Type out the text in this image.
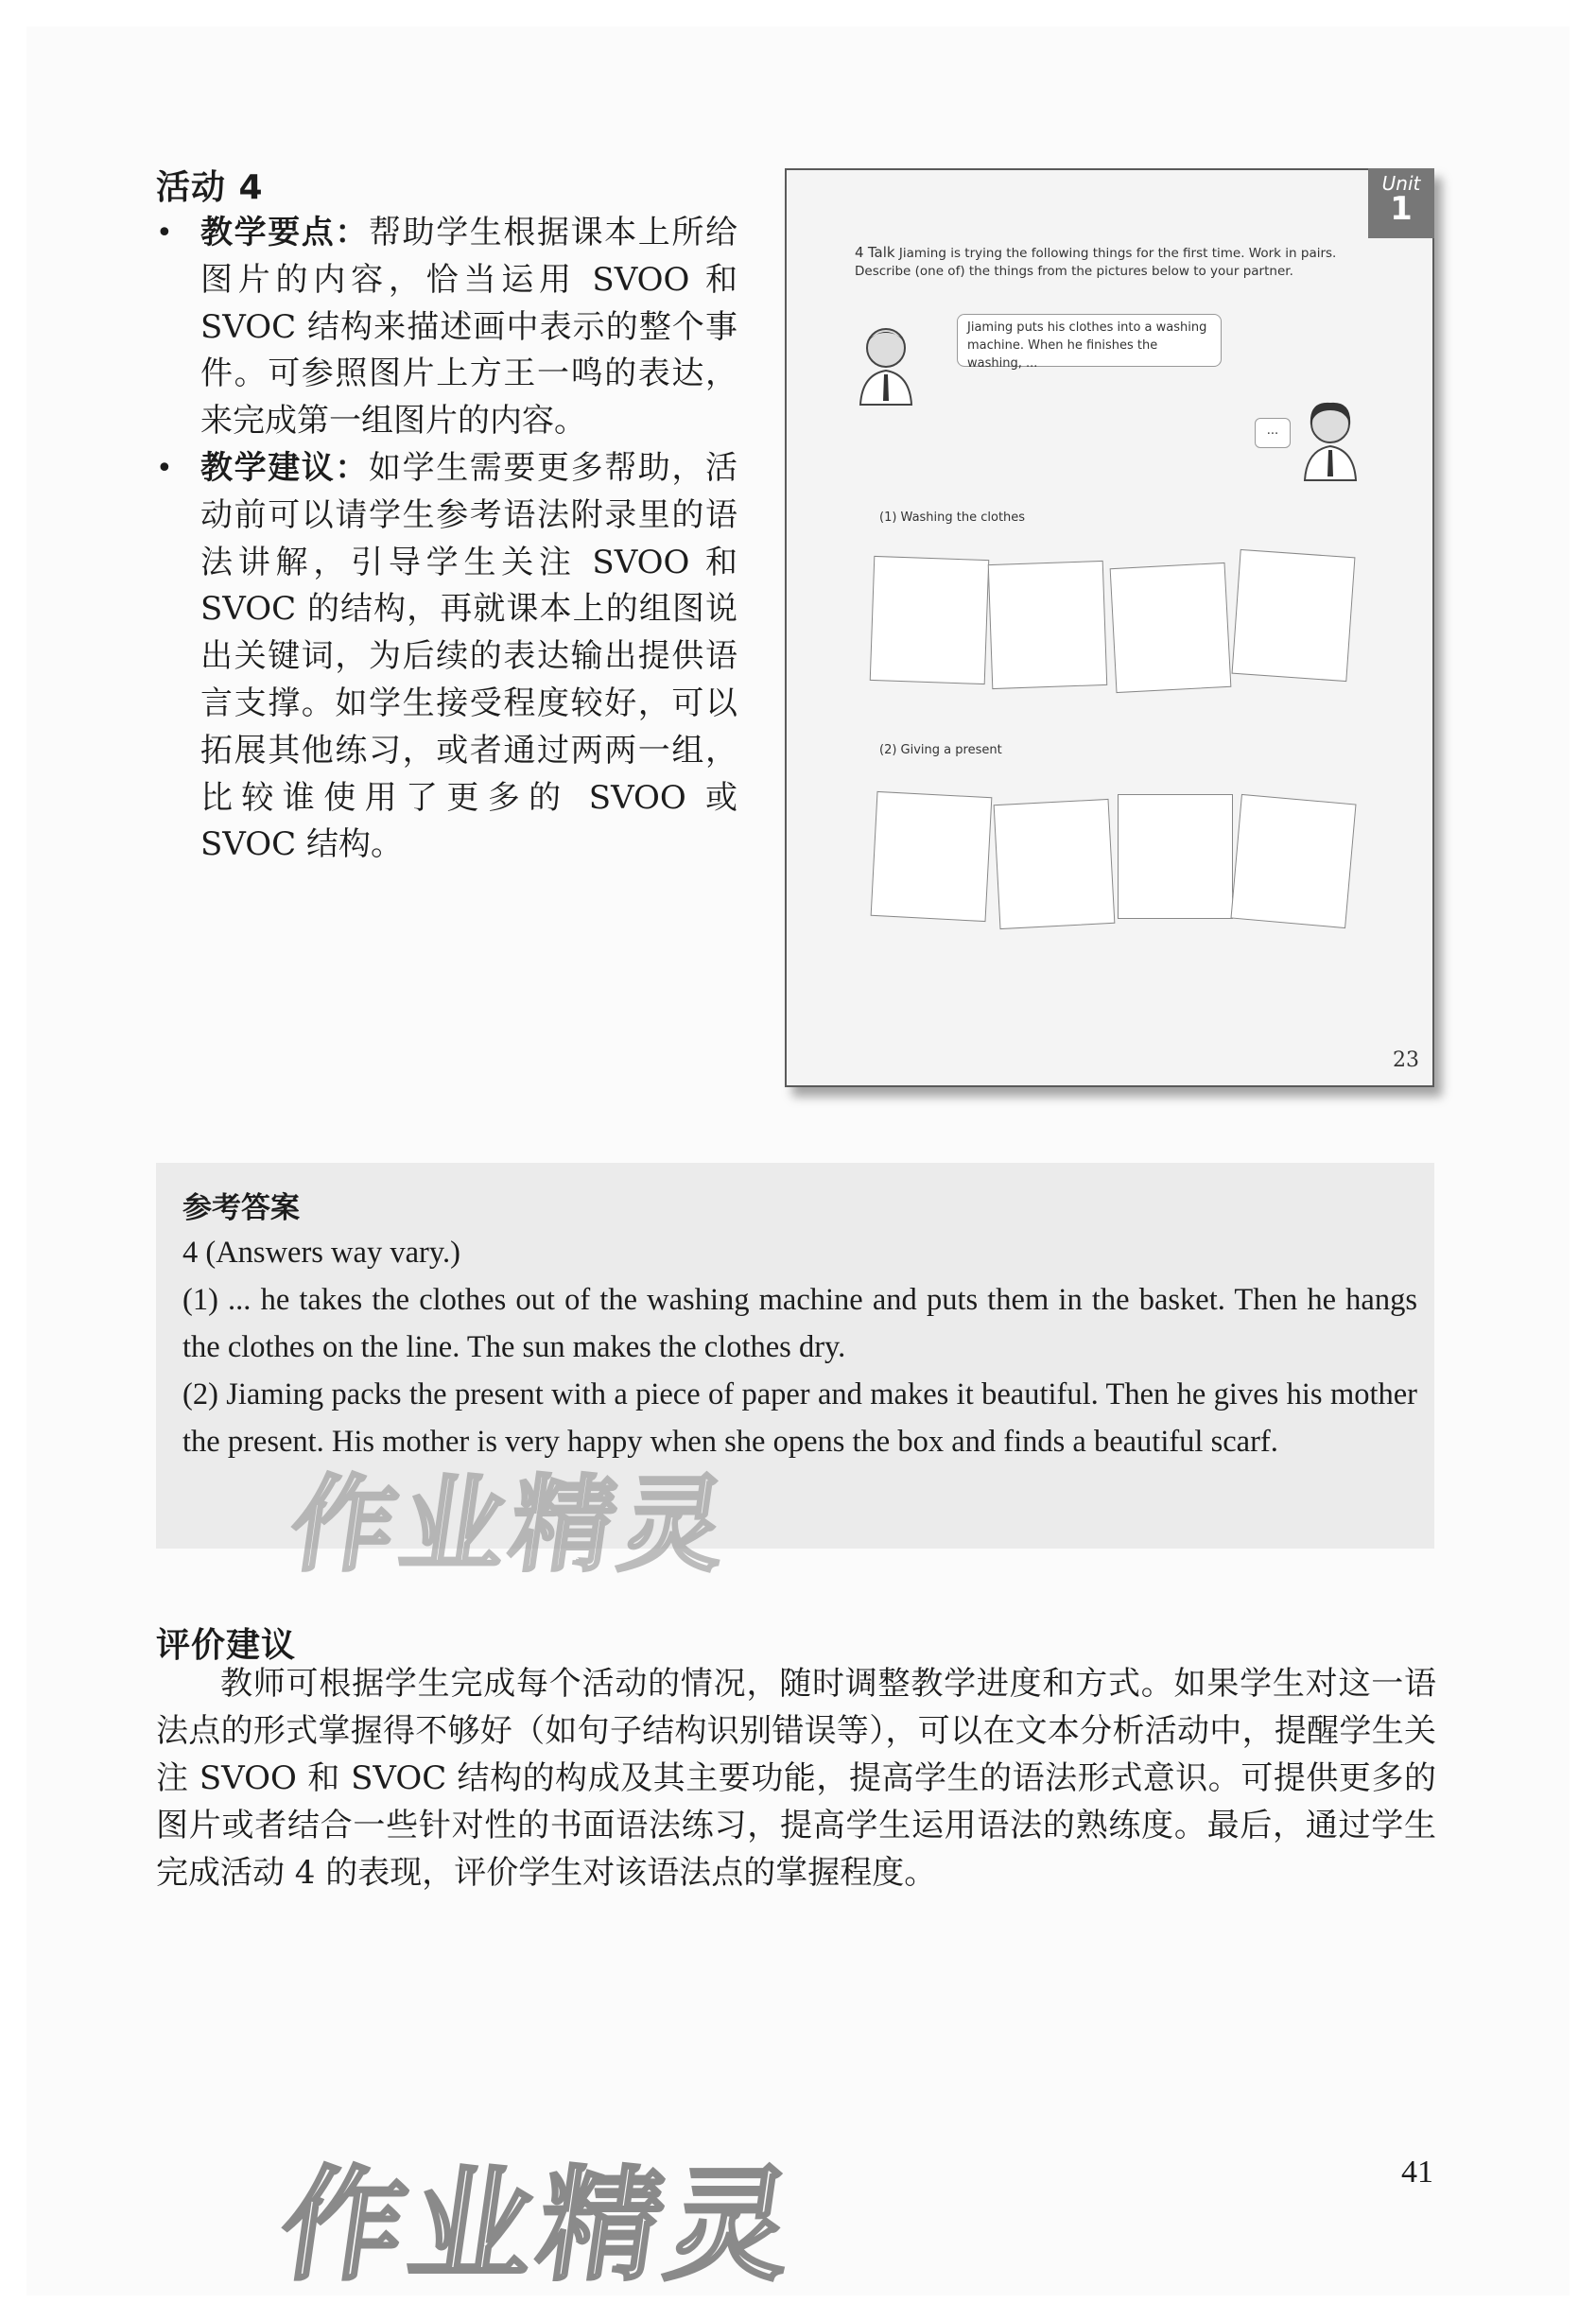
活动 4
• 教学要点：帮助学生根据课本上所给图片的内容，恰当运用 SVOO 和 SVOC 结构来描述画中表示的整个事件。可参照图片上方王一鸣的表达，来完成第一组图片的内容。
• 教学建议：如学生需要更多帮助，活动前可以请学生参考语法附录里的语法讲解，引导学生关注 SVOO 和 SVOC 的结构，再就课本上的组图说出关键词，为后续的表达输出提供语言支撑。如学生接受程度较好，可以拓展其他练习，或者通过两两一组，比较谁使用了更多的 SVOO 或 SVOC 结构。
Unit
1
4 Talk Jiaming is trying the following things for the first time. Work in pairs. Describe (one of) the things from the pictures below to your partner.
Jiaming puts his clothes into a washing machine. When he finishes the washing, ...
...
(1) Washing the clothes
(2) Giving a present
23
参考答案

4 (Answers way vary.)

(1) ... he takes the clothes out of the washing machine and puts them in the basket. Then he hangs the clothes on the line. The sun makes the clothes dry.

(2) Jiaming packs the present with a piece of paper and makes it beautiful. Then he gives his mother the present. His mother is very happy when she opens the box and finds a beautiful scarf.

作业精灵
评价建议

教师可根据学生完成每个活动的情况，随时调整教学进度和方式。如果学生对这一语法点的形式掌握得不够好（如句子结构识别错误等），可以在文本分析活动中，提醒学生关注 SVOO 和 SVOC 结构的构成及其主要功能，提高学生的语法形式意识。可提供更多的图片或者结合一些针对性的书面语法练习，提高学生运用语法的熟练度。最后，通过学生完成活动 4 的表现，评价学生对该语法点的掌握程度。

作业精灵	41
